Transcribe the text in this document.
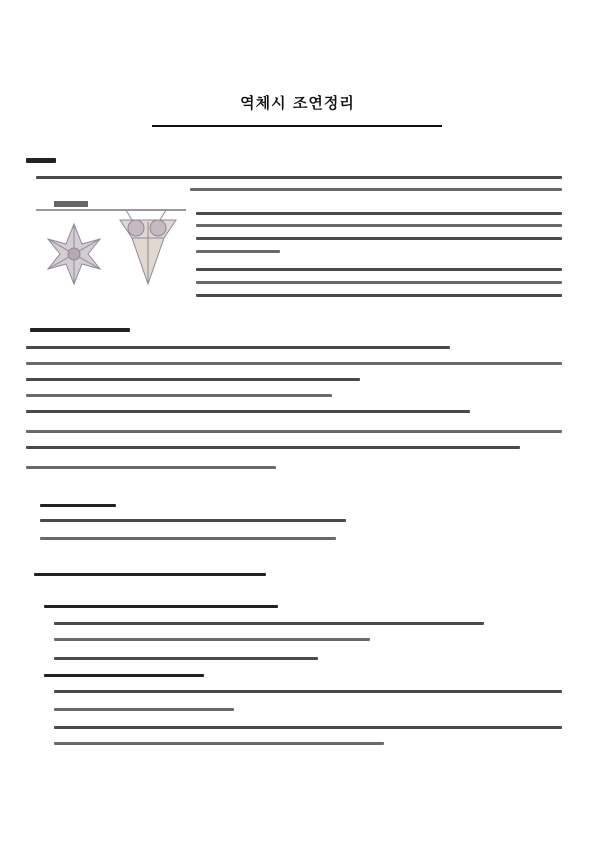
역체시 조연정리
